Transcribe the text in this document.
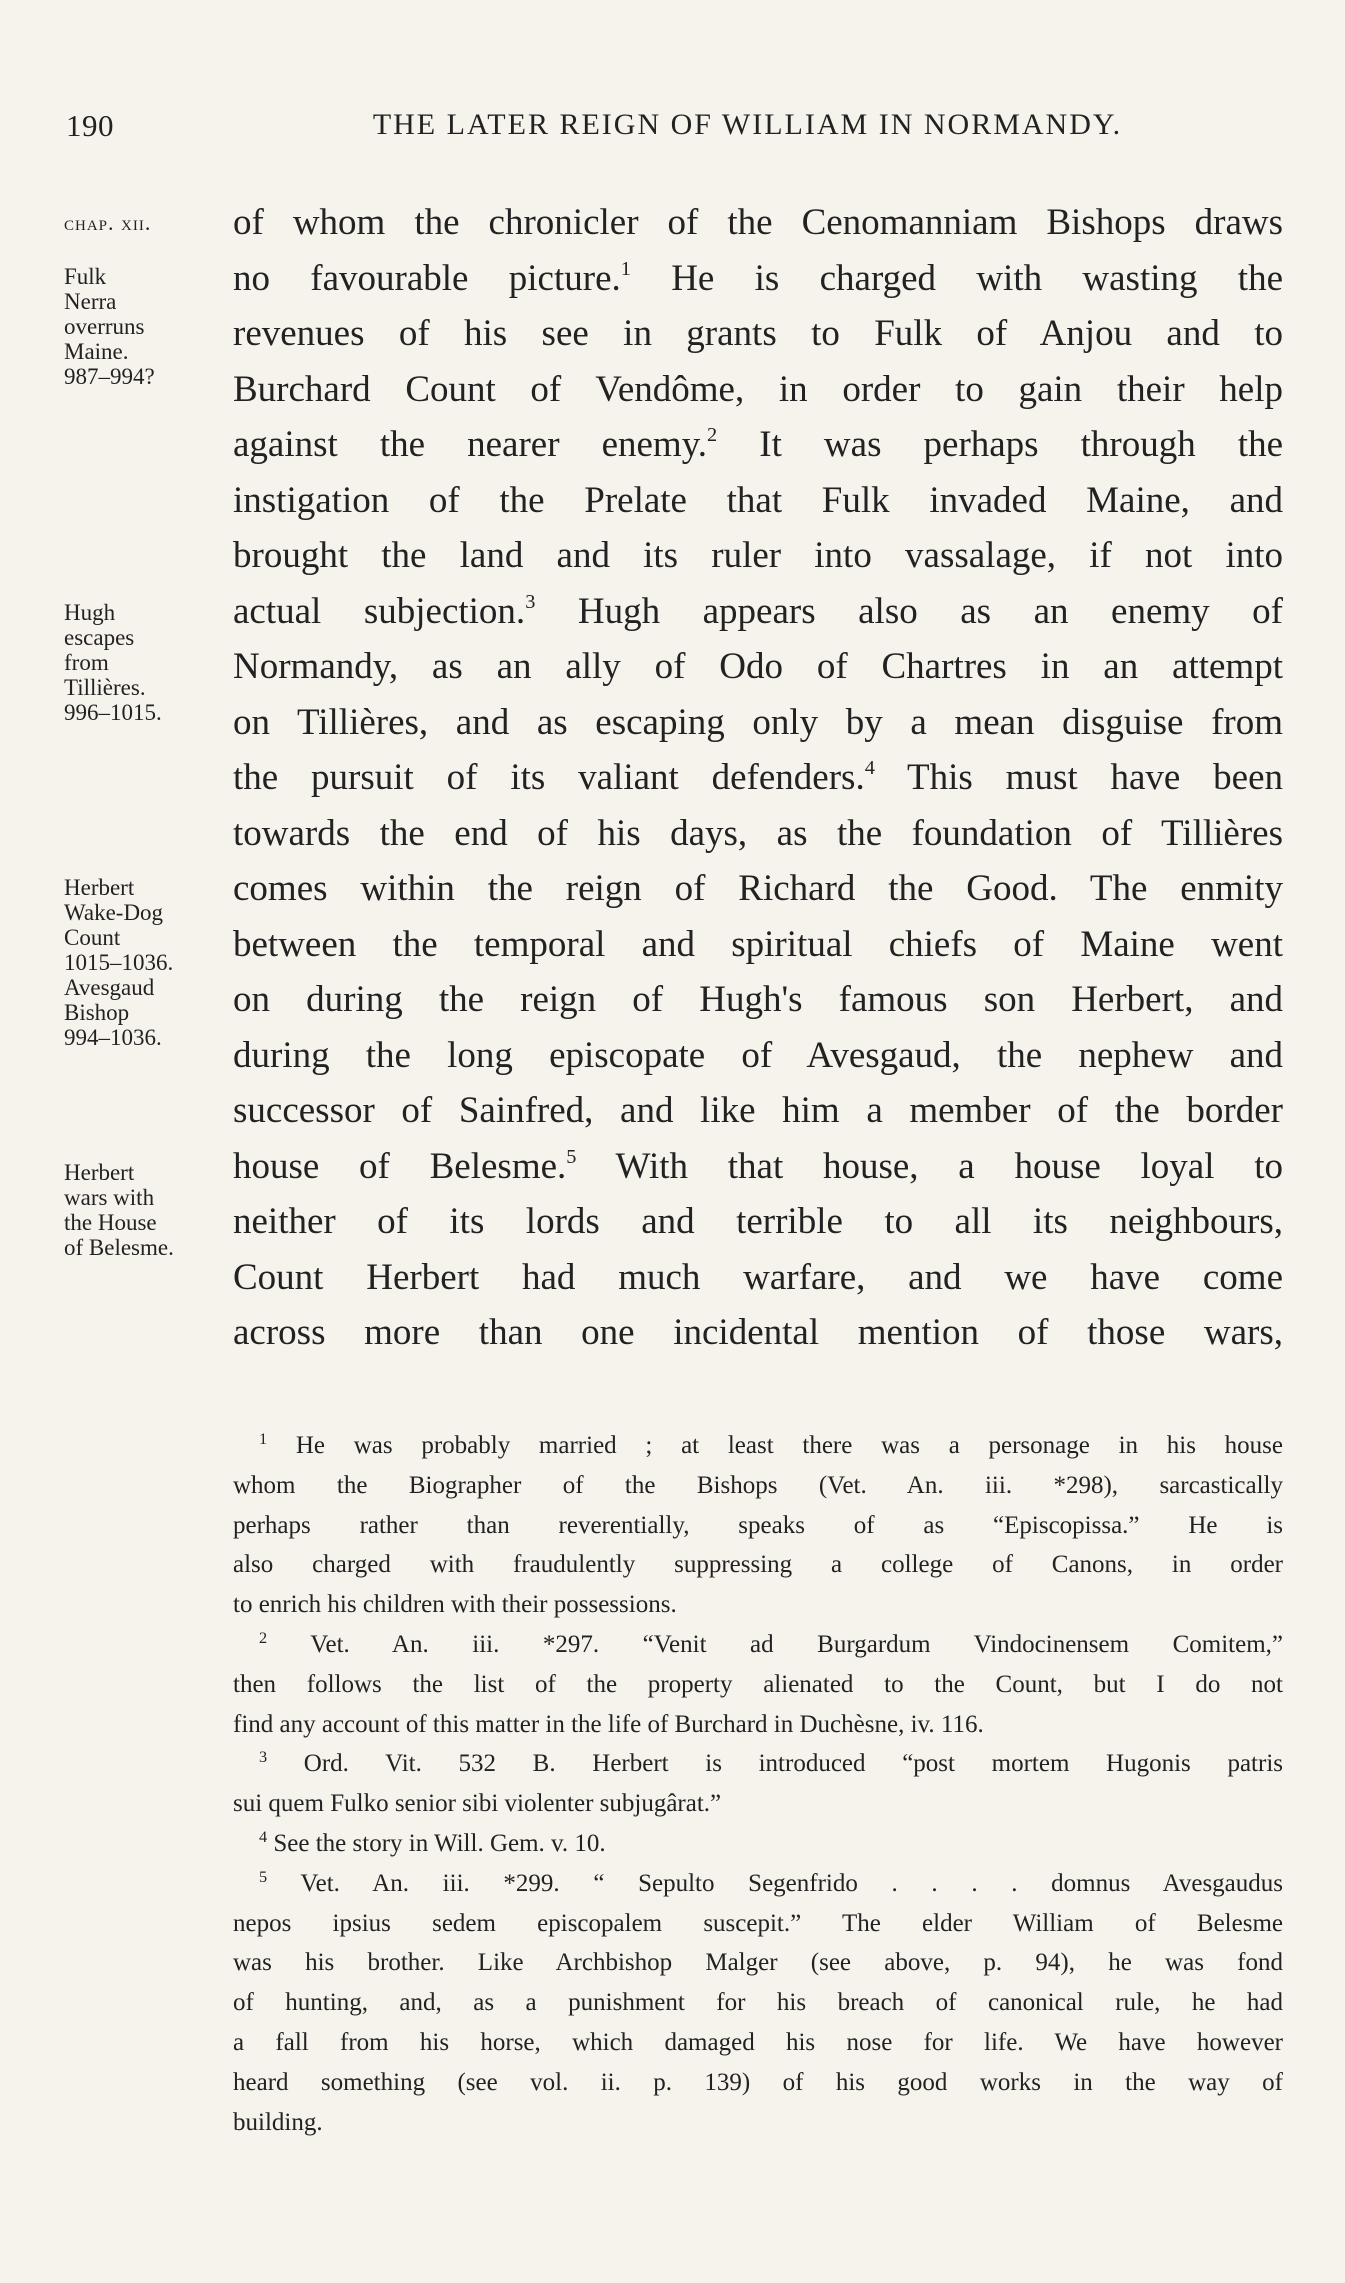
190	THE LATER REIGN OF WILLIAM IN NORMANDY.
chap. xii.
Fulk
Nerra
overruns
Maine.
987–994?
Hugh
escapes
from
Tillières.
996–1015.
Herbert
Wake-Dog
Count
1015–1036.
Avesgaud
Bishop
994–1036.
Herbert
wars with
the House
of Belesme.
of whom the chronicler of the Cenomanniam Bishops draws
no favourable picture.$^1$ He is charged with wasting the
revenues of his see in grants to Fulk of Anjou and to
Burchard Count of Vendôme, in order to gain their help
against the nearer enemy.$^2$ It was perhaps through the
instigation of the Prelate that Fulk invaded Maine, and
brought the land and its ruler into vassalage, if not into
actual subjection.$^3$ Hugh appears also as an enemy of
Normandy, as an ally of Odo of Chartres in an attempt
on Tillières, and as escaping only by a mean disguise from
the pursuit of its valiant defenders.$^4$ This must have been
towards the end of his days, as the foundation of Tillières
comes within the reign of Richard the Good. The enmity
between the temporal and spiritual chiefs of Maine went
on during the reign of Hugh's famous son Herbert, and
during the long episcopate of Avesgaud, the nephew and
successor of Sainfred, and like him a member of the border
house of Belesme.$^5$ With that house, a house loyal to
neither of its lords and terrible to all its neighbours,
Count Herbert had much warfare, and we have come
across more than one incidental mention of those wars,
$^1$ He was probably married ; at least there was a personage in his house
whom the Biographer of the Bishops (Vet. An. iii. *298), sarcastically
perhaps rather than reverentially, speaks of as “Episcopissa.” He is
also charged with fraudulently suppressing a college of Canons, in order
to enrich his children with their possessions.
$^2$ Vet. An. iii. *297. “Venit ad Burgardum Vindocinensem Comitem,”
then follows the list of the property alienated to the Count, but I do not
find any account of this matter in the life of Burchard in Duchèsne, iv. 116.
$^3$ Ord. Vit. 532 B. Herbert is introduced “post mortem Hugonis patris
sui quem Fulko senior sibi violenter subjugârat.”
$^4$ See the story in Will. Gem. v. 10.
$^5$ Vet. An. iii. *299. “ Sepulto Segenfrido . . . . domnus Avesgaudus
nepos ipsius sedem episcopalem suscepit.” The elder William of Belesme
was his brother. Like Archbishop Malger (see above, p. 94), he was fond
of hunting, and, as a punishment for his breach of canonical rule, he had
a fall from his horse, which damaged his nose for life. We have however
heard something (see vol. ii. p. 139) of his good works in the way of
building.
